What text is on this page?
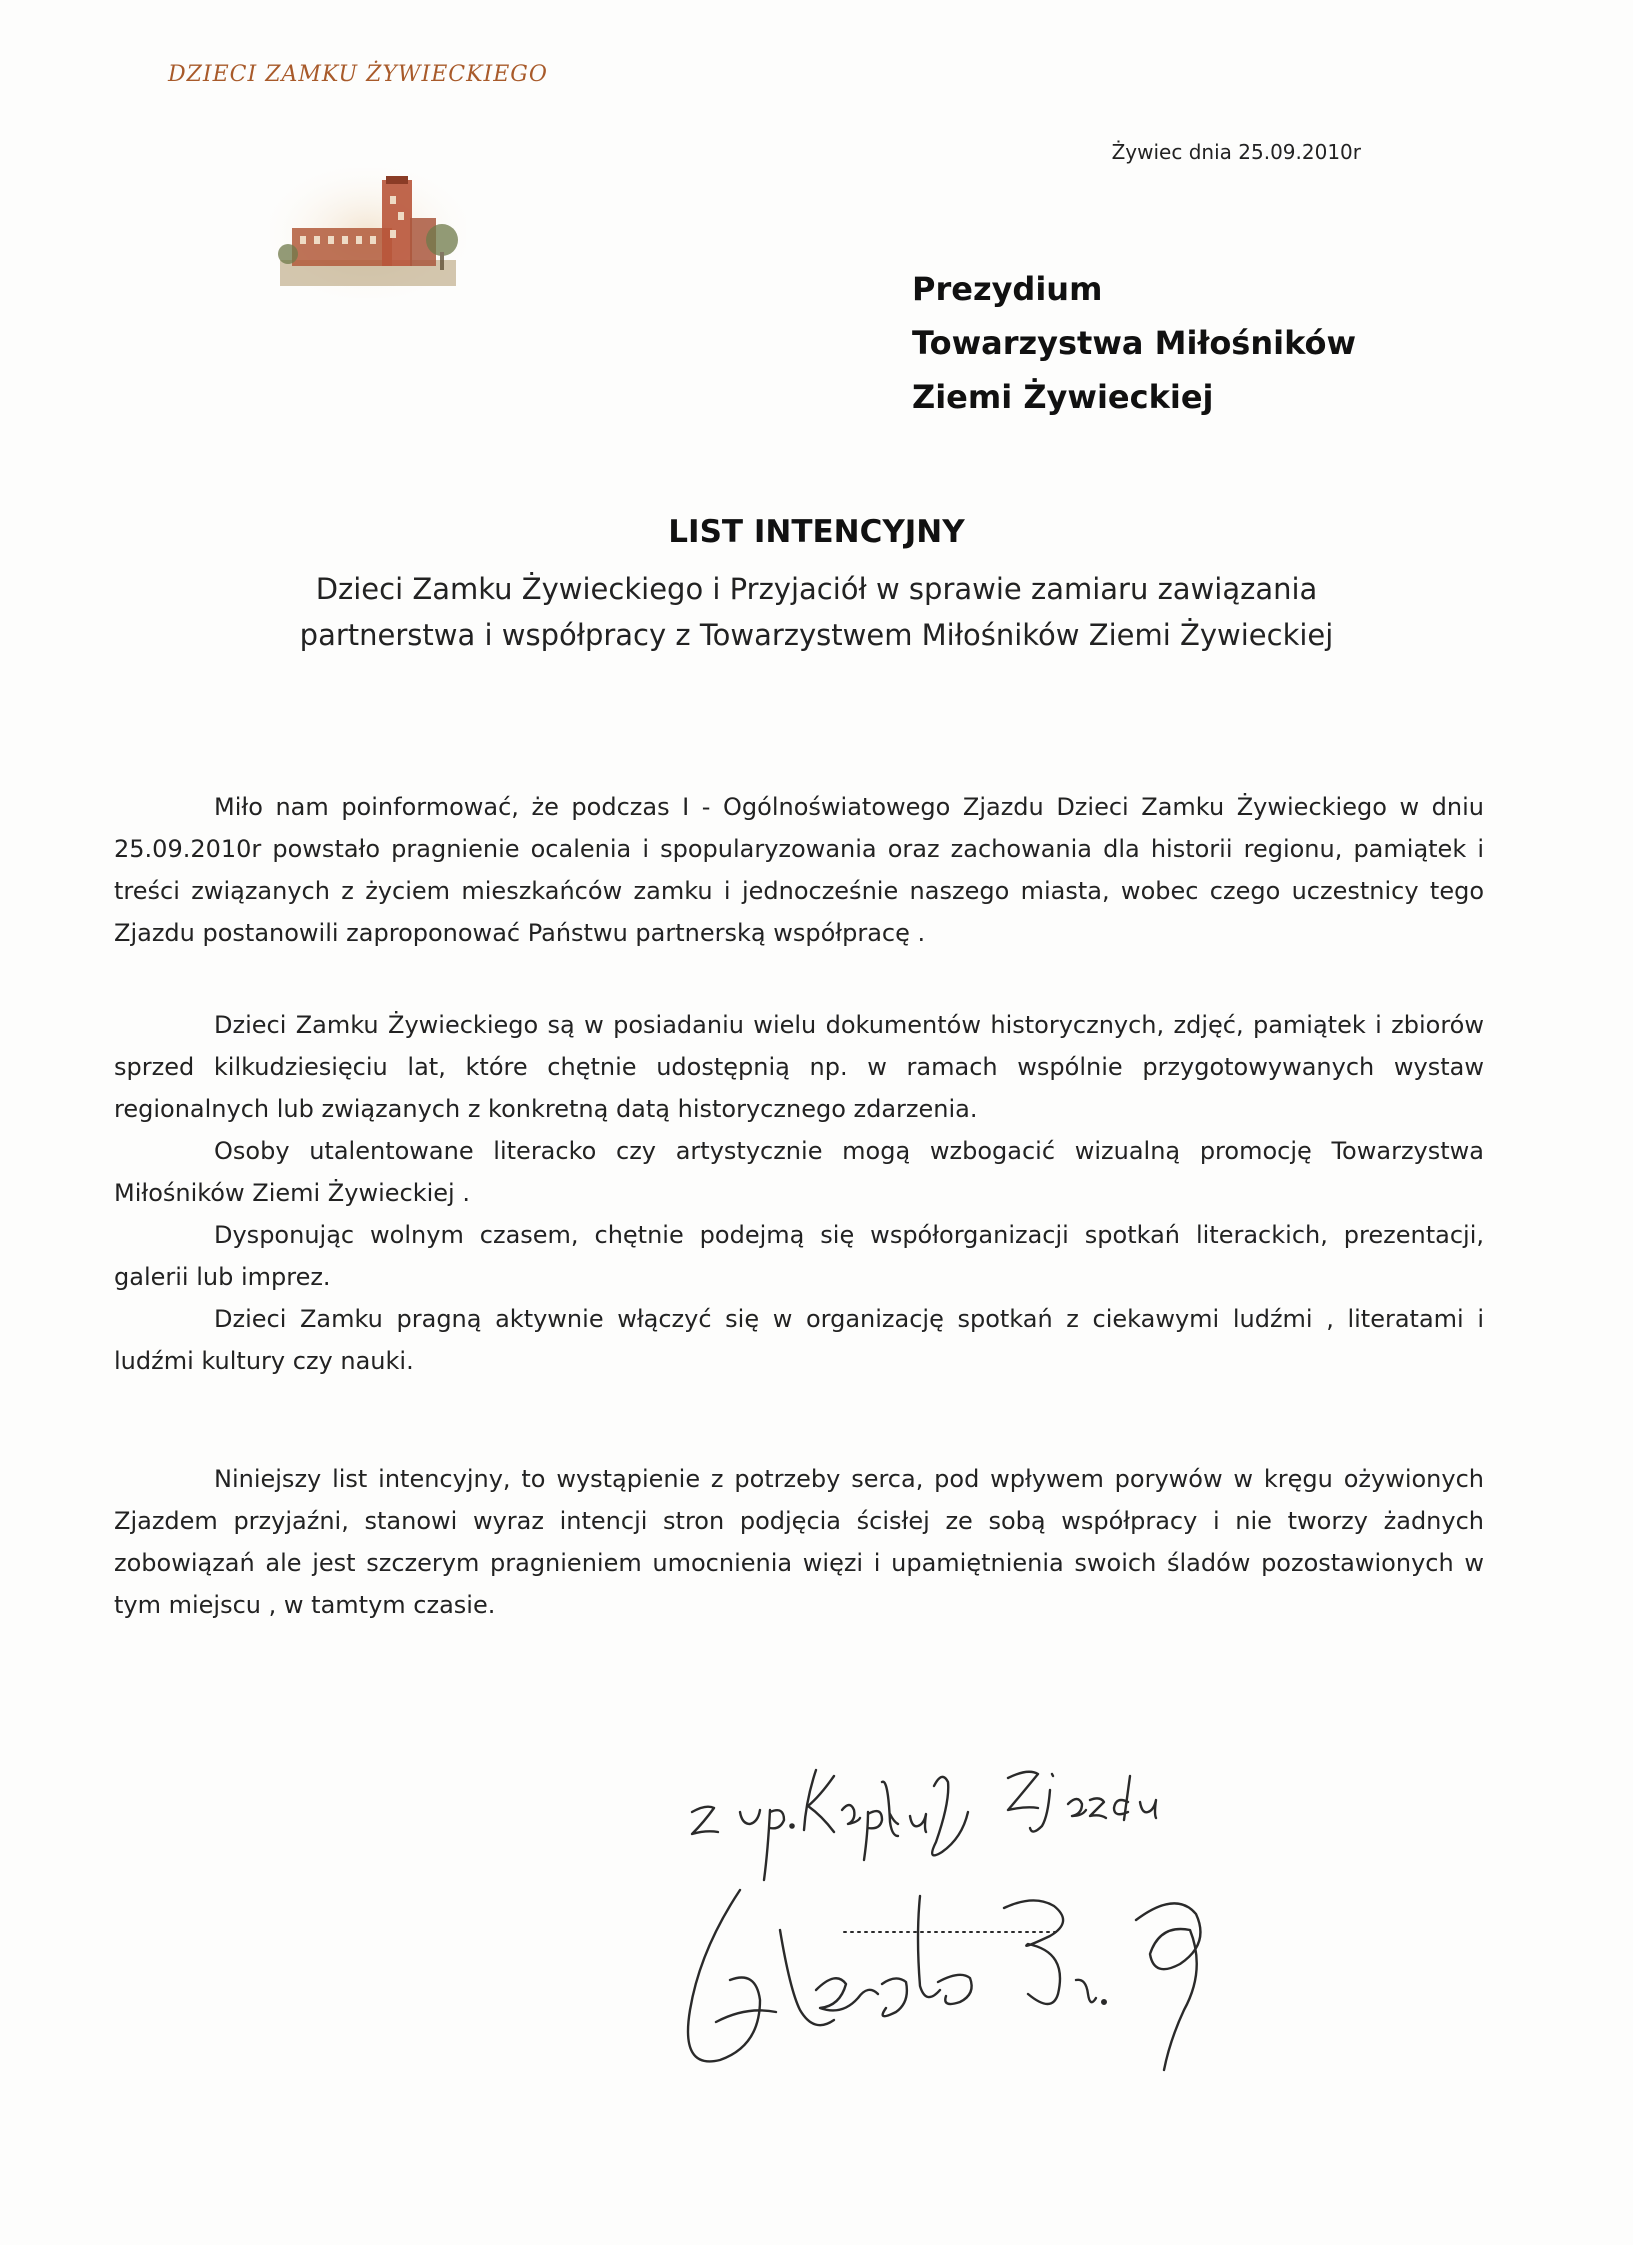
DZIECI ZAMKU ŻYWIECKIEGO
Żywiec dnia 25.09.2010r
Prezydium
Towarzystwa Miłośników
Ziemi Żywieckiej
LIST INTENCYJNY
Dzieci Zamku Żywieckiego i Przyjaciół w sprawie zamiaru zawiązania
partnerstwa i współpracy z Towarzystwem Miłośników Ziemi Żywieckiej

Miło nam poinformować, że podczas I - Ogólnoświatowego Zjazdu Dzieci Zamku Żywieckiego w dniu 25.09.2010r powstało pragnienie ocalenia i spopularyzowania oraz zachowania dla historii regionu, pamiątek i treści związanych z życiem mieszkańców zamku i jednocześnie naszego miasta, wobec czego uczestnicy tego Zjazdu postanowili zaproponować Państwu partnerską współpracę .

Dzieci Zamku Żywieckiego są w posiadaniu wielu dokumentów historycznych, zdjęć, pamiątek i zbiorów sprzed kilkudziesięciu lat, które chętnie udostępnią np. w ramach wspólnie przygotowywanych wystaw regionalnych lub związanych z konkretną datą historycznego zdarzenia.

Osoby utalentowane literacko czy artystycznie mogą wzbogacić wizualną promocję Towarzystwa Miłośników Ziemi Żywieckiej .

Dysponując wolnym czasem, chętnie podejmą się współorganizacji spotkań literackich, prezentacji, galerii lub imprez.

Dzieci Zamku pragną aktywnie włączyć się w organizację spotkań z ciekawymi ludźmi , literatami i ludźmi kultury czy nauki.

Niniejszy list intencyjny, to wystąpienie z potrzeby serca, pod wpływem porywów w kręgu ożywionych Zjazdem przyjaźni, stanowi wyraz intencji stron podjęcia ścisłej ze sobą współpracy i nie tworzy żadnych zobowiązań ale jest szczerym pragnieniem umocnienia więzi i upamiętnienia swoich śladów pozostawionych w tym miejscu , w tamtym czasie.
